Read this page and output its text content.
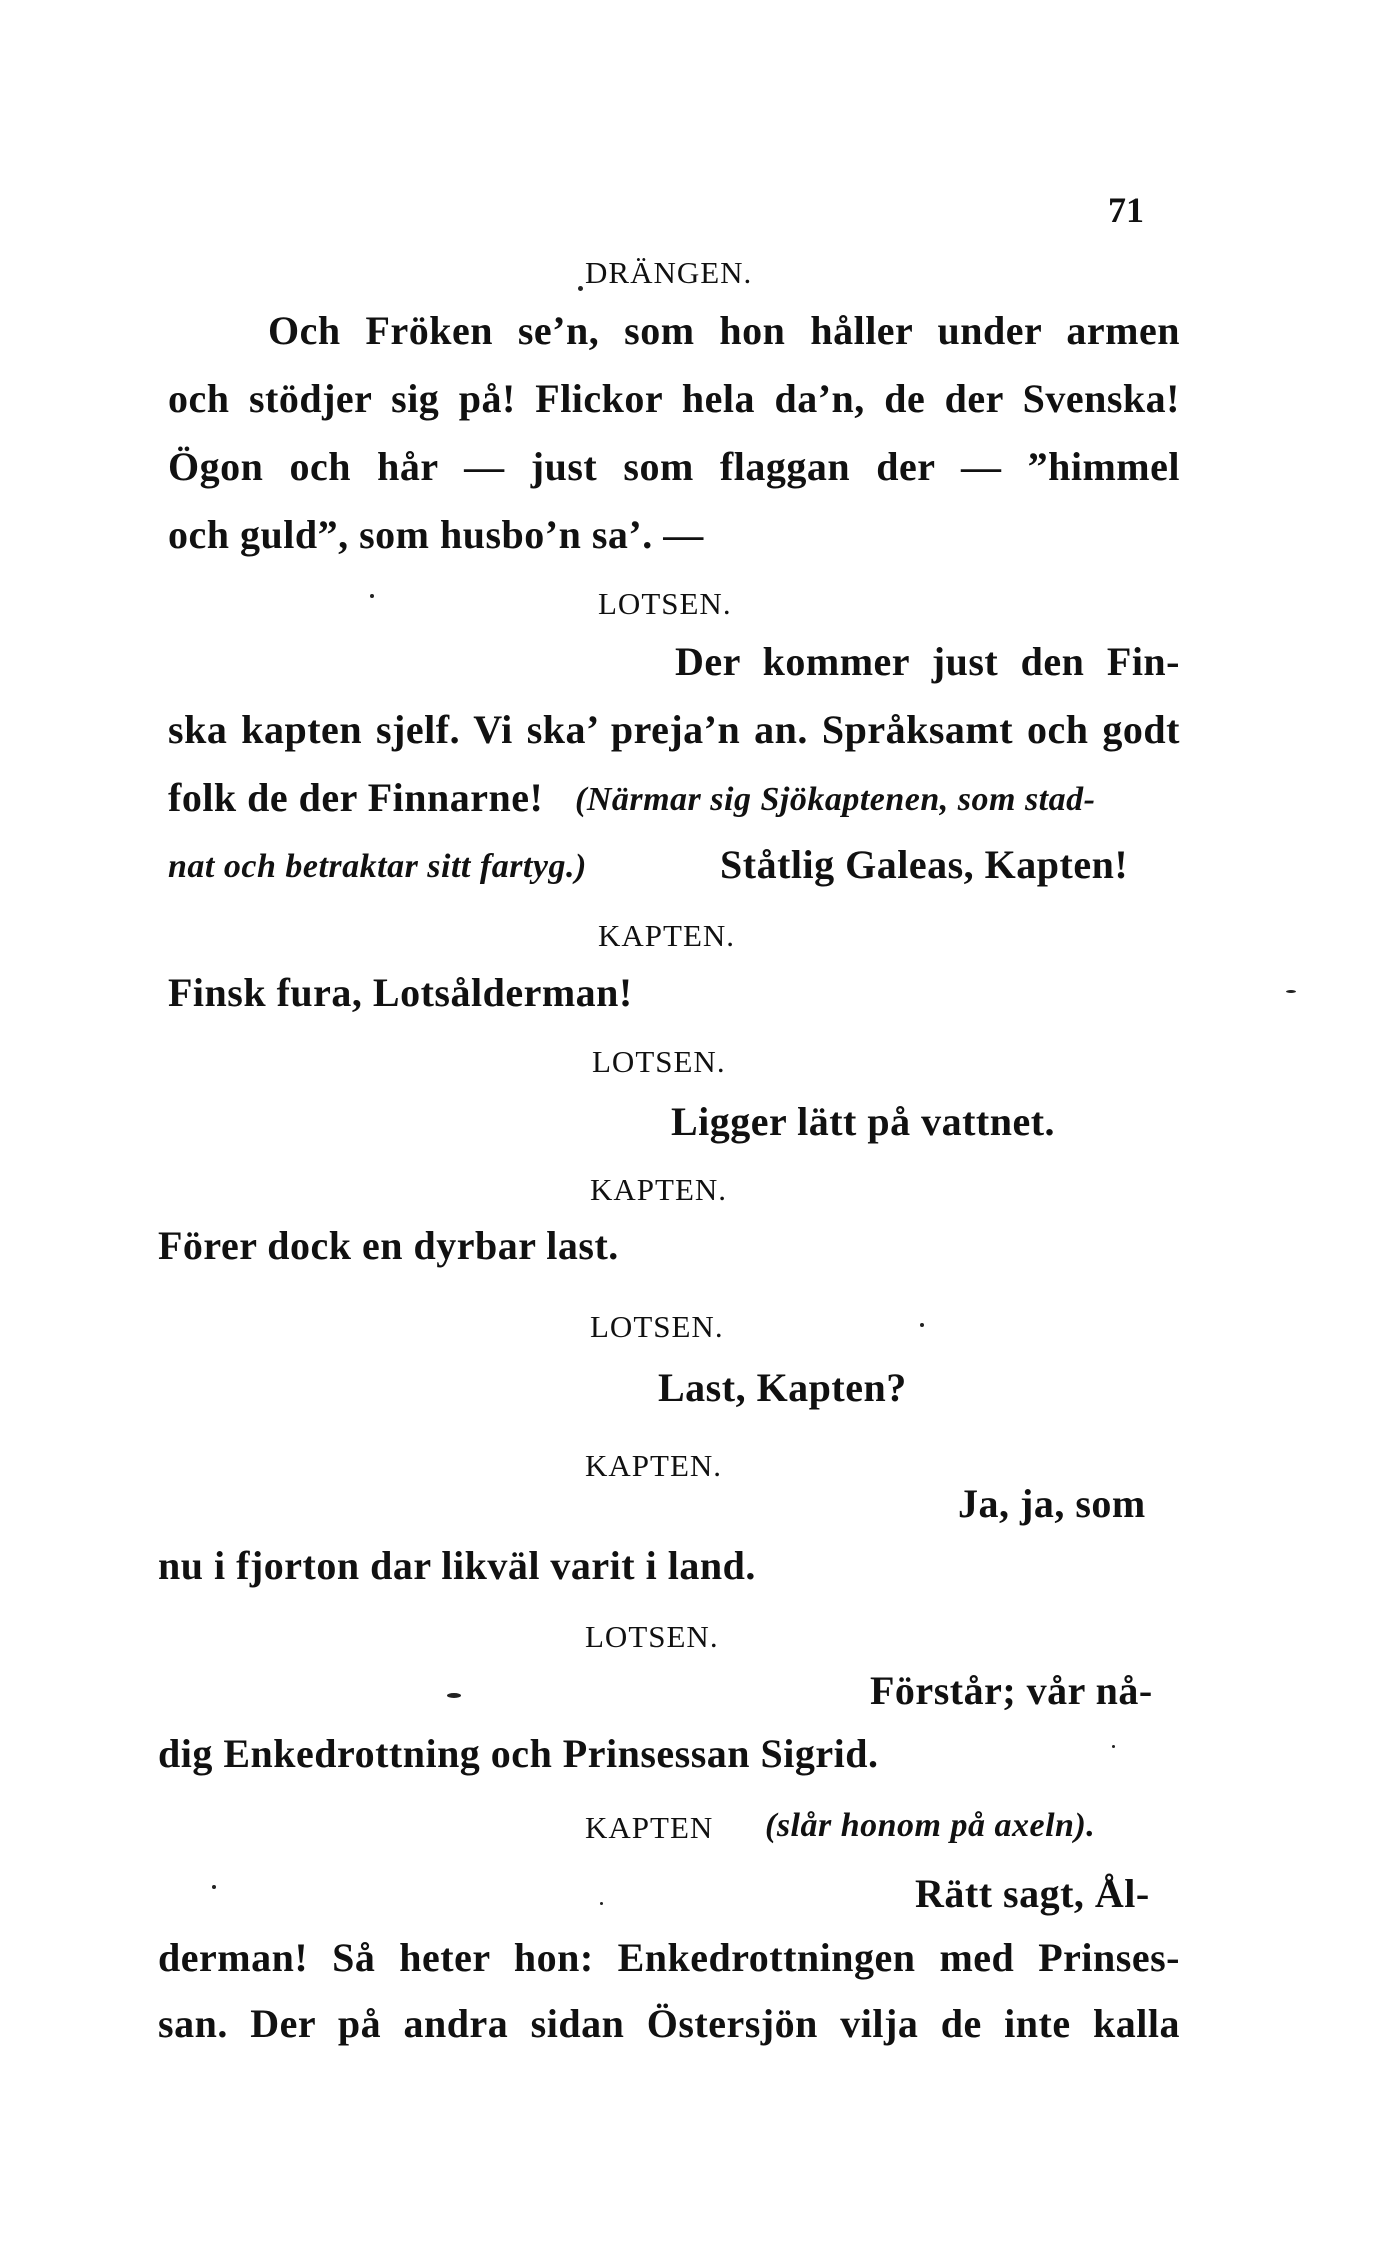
71
DRÄNGEN.
Och Fröken se’n, som hon håller under armen
och stödjer sig på! Flickor hela da’n, de der Svenska!
Ögon och hår — just som flaggan der — ”himmel
och guld”, som husbo’n sa’. —
LOTSEN.
Der kommer just den Fin-
ska kapten sjelf. Vi ska’ preja’n an. Språksamt och godt
folk de der Finnarne! (Närmar sig Sjökaptenen, som stad-
nat och betraktar sitt fartyg.)	Ståtlig Galeas, Kapten!
KAPTEN.
Finsk fura, Lotsålderman!
LOTSEN.
Ligger lätt på vattnet.
KAPTEN.
Förer dock en dyrbar last.
LOTSEN.
Last, Kapten?
KAPTEN.
Ja, ja, som
nu i fjorton dar likväl varit i land.
LOTSEN.
Förstår; vår nå-
dig Enkedrottning och Prinsessan Sigrid.
KAPTEN (slår honom på axeln).
Rätt sagt, Ål-
derman! Så heter hon: Enkedrottningen med Prinses-
san. Der på andra sidan Östersjön vilja de inte kalla
